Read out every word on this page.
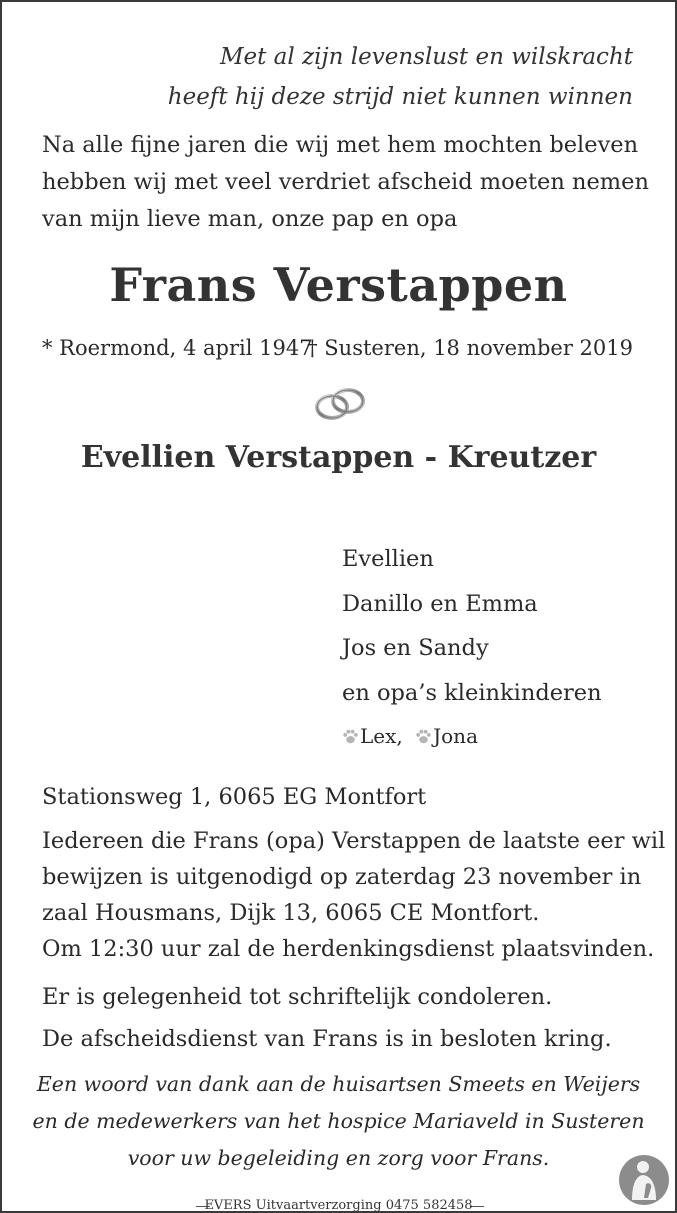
Met al zijn levenslust en wilskracht
heeft hij deze strijd niet kunnen winnen
Na alle fijne jaren die wij met hem mochten beleven
hebben wij met veel verdriet afscheid moeten nemen
van mijn lieve man, onze pap en opa
Frans Verstappen
* Roermond, 4 april 1947
† Susteren, 18 november 2019
Evellien Verstappen - Kreutzer
Evellien
Danillo en Emma
Jos en Sandy
en opa’s kleinkinderen
Lex, Jona
Stationsweg 1, 6065 EG Montfort
Iedereen die Frans (opa) Verstappen de laatste eer wil
bewijzen is uitgenodigd op zaterdag 23 november in
zaal Housmans, Dijk 13, 6065 CE Montfort.
Om 12:30 uur zal de herdenkingsdienst plaatsvinden.
Er is gelegenheid tot schriftelijk condoleren.
De afscheidsdienst van Frans is in besloten kring.
Een woord van dank aan de huisartsen Smeets en Weijers
en de medewerkers van het hospice Mariaveld in Susteren
voor uw begeleiding en zorg voor Frans.
EVERS Uitvaartverzorging 0475 582458
